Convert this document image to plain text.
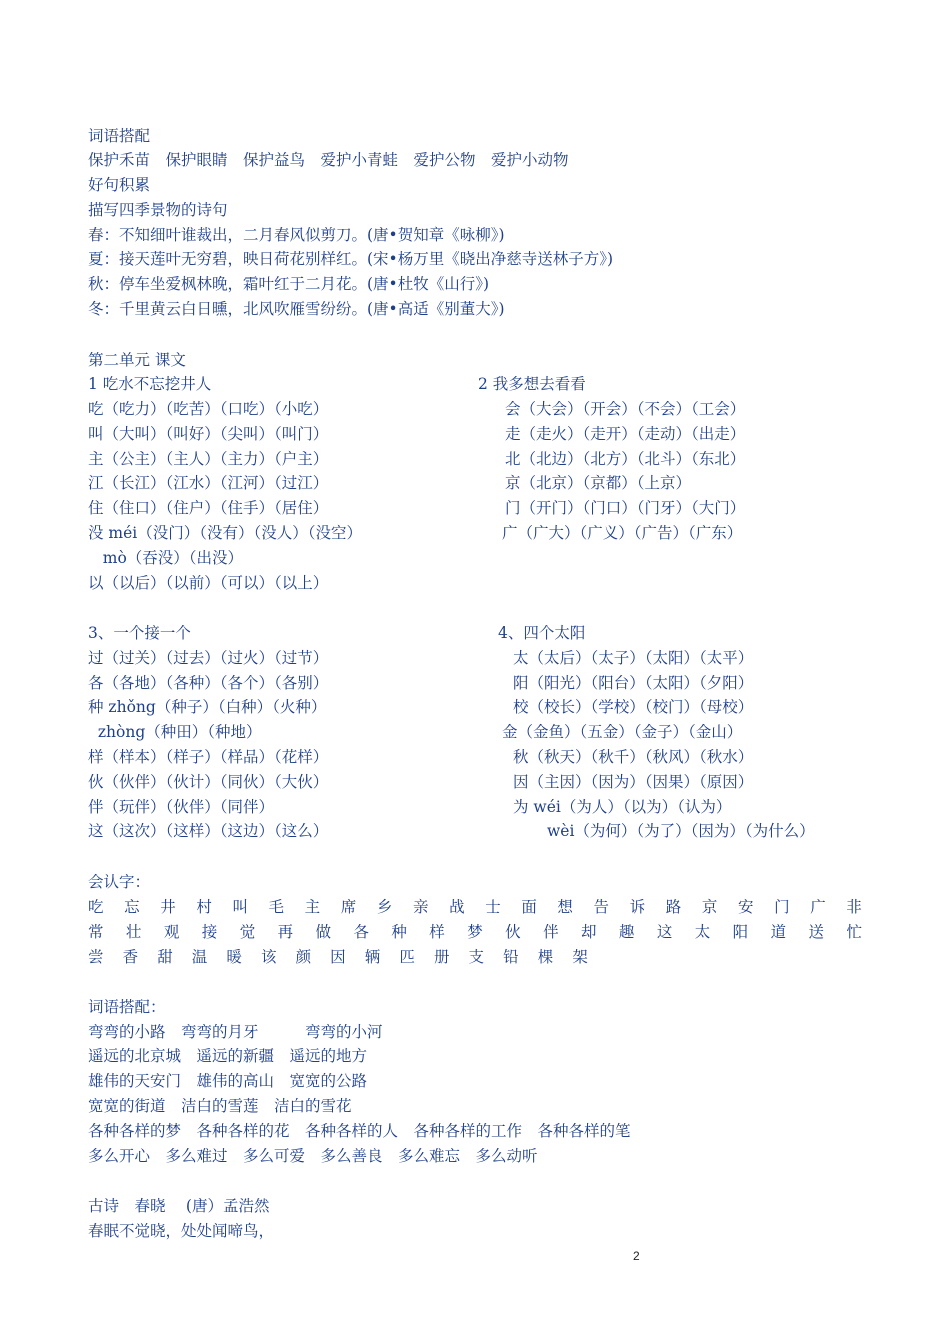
词语搭配
保护禾苗　保护眼睛　保护益鸟　爱护小青蛙　爱护公物　爱护小动物
好句积累
描写四季景物的诗句
春：不知细叶谁裁出，二月春风似剪刀。(唐•贺知章《咏柳》)
夏：接天莲叶无穷碧，映日荷花别样红。(宋•杨万里《晓出净慈寺送林子方》)
秋：停车坐爱枫林晚，霜叶红于二月花。(唐•杜牧《山行》)
冬：千里黄云白日曛，北风吹雁雪纷纷。(唐•高适《别董大》)
第二单元 课文
1 吃水不忘挖井人
吃（吃力）（吃苦）（口吃）（小吃）
叫（大叫）（叫好）（尖叫）（叫门）
主（公主）（主人）（主力）（户主）
江（长江）（江水）（江河）（过江）
住（住口）（住户）（住手）（居住）
没 méi（没门）（没有）（没人）（没空）
mò（吞没）（出没）
以（以后）（以前）（可以）（以上）
2 我多想去看看
会（大会）（开会）（不会）（工会）
走（走火）（走开）（走动）（出走）
北（北边）（北方）（北斗）（东北）
京（北京）（京都）（上京）
门（开门）（门口）（门牙）（大门）
广（广大）（广义）（广告）（广东）
3、一个接一个
过（过关）（过去）（过火）（过节）
各（各地）（各种）（各个）（各别）
种 zhǒng（种子）（白种）（火种）
zhòng（种田）（种地）
样（样本）（样子）（样品）（花样）
伙（伙伴）（伙计）（同伙）（大伙）
伴（玩伴）（伙伴）（同伴）
这（这次）（这样）（这边）（这么）
4、四个太阳
太（太后）（太子）（太阳）（太平）
阳（阳光）（阳台）（太阳）（夕阳）
校（校长）（学校）（校门）（母校）
金（金鱼）（五金）（金子）（金山）
秋（秋天）（秋千）（秋风）（秋水）
因（主因）（因为）（因果）（原因）
为 wéi（为人）（以为）（认为）
wèi（为何）（为了）（因为）（为什么）
会认字：
吃 忘 井 村 叫 毛 主 席 乡 亲 战 士 面 想 告 诉 路 京 安 门 广 非
常 壮 观 接 觉 再 做 各 种 样 梦 伙 伴 却 趣 这 太 阳 道 送 忙
尝 香 甜 温 暖 该 颜 因 辆 匹 册 支 铅 棵 架
词语搭配：
弯弯的小路　弯弯的月牙　　　弯弯的小河
遥远的北京城　遥远的新疆　遥远的地方
雄伟的天安门　雄伟的高山　宽宽的公路
宽宽的街道　洁白的雪莲　洁白的雪花
各种各样的梦　各种各样的花　各种各样的人　各种各样的工作　各种各样的笔
多么开心　多么难过　多么可爱　多么善良　多么难忘　多么动听
古诗　春晓　 (唐）孟浩然
春眠不觉晓，处处闻啼鸟，
2
